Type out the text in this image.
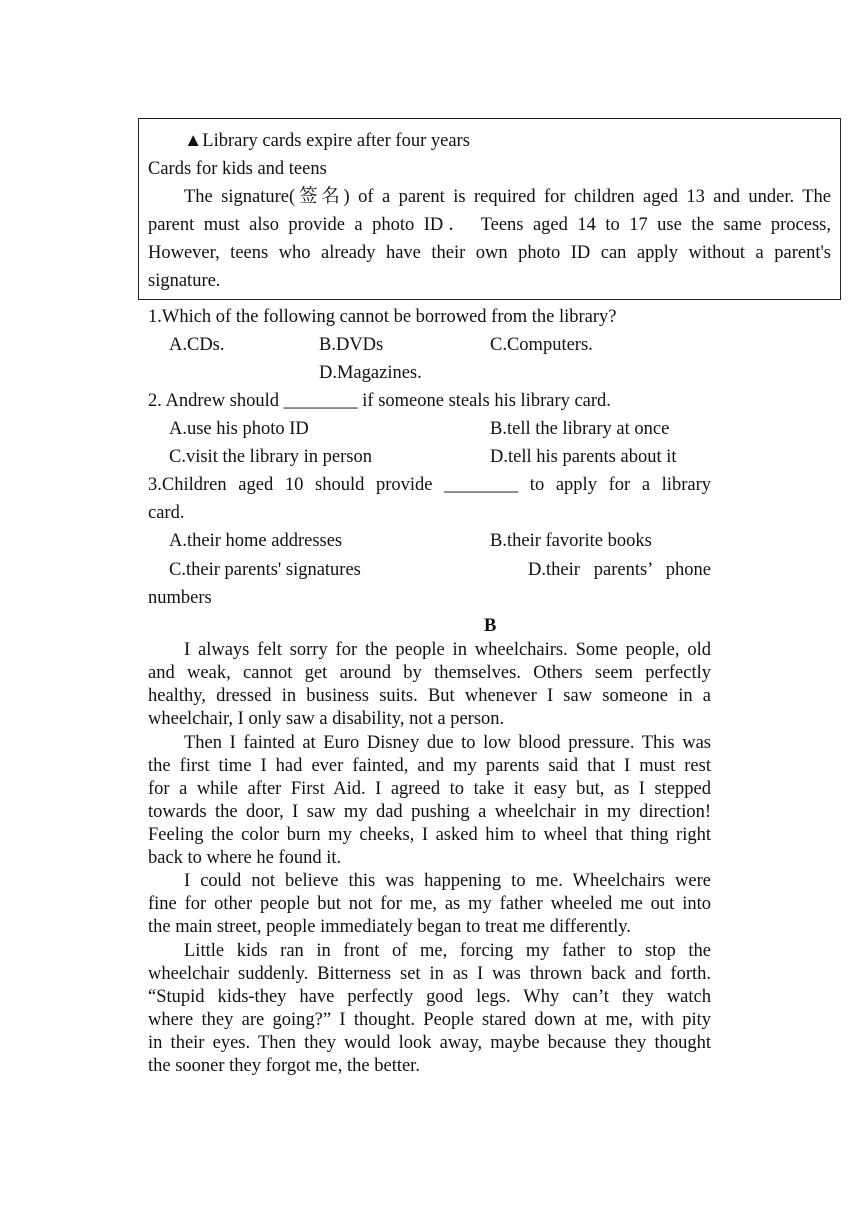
▲Library cards expire after four years
Cards for kids and teens
The signature(签名) of a parent is required for children aged 13 and under. The
parent must also provide a photo ID． Teens aged 14 to 17 use the same process,
However, teens who already have their own photo ID can apply without a parent's
signature.
1.Which of the following cannot be borrowed from the library?
A.CDs.	B.DVDs	C.Computers.
D.Magazines.
2. Andrew should ________ if someone steals his library card.
A.use his photo ID	B.tell the library at once
C.visit the library in person	D.tell his parents about it
3.Children aged 10 should provide ________ to apply for a library
card.
A.their home addresses	B.their favorite books
C.their parents' signatures	D.their parents’ phone
numbers
B
I always felt sorry for the people in wheelchairs. Some people, old
and weak, cannot get around by themselves. Others seem perfectly
healthy, dressed in business suits. But whenever I saw someone in a
wheelchair, I only saw a disability, not a person.
Then I fainted at Euro Disney due to low blood pressure. This was
the first time I had ever fainted, and my parents said that I must rest
for a while after First Aid. I agreed to take it easy but, as I stepped
towards the door, I saw my dad pushing a wheelchair in my direction!
Feeling the color burn my cheeks, I asked him to wheel that thing right
back to where he found it.
I could not believe this was happening to me. Wheelchairs were
fine for other people but not for me, as my father wheeled me out into
the main street, people immediately began to treat me differently.
Little kids ran in front of me, forcing my father to stop the
wheelchair suddenly. Bitterness set in as I was thrown back and forth.
“Stupid kids-they have perfectly good legs. Why can’t they watch
where they are going?” I thought. People stared down at me, with pity
in their eyes. Then they would look away, maybe because they thought
the sooner they forgot me, the better.
